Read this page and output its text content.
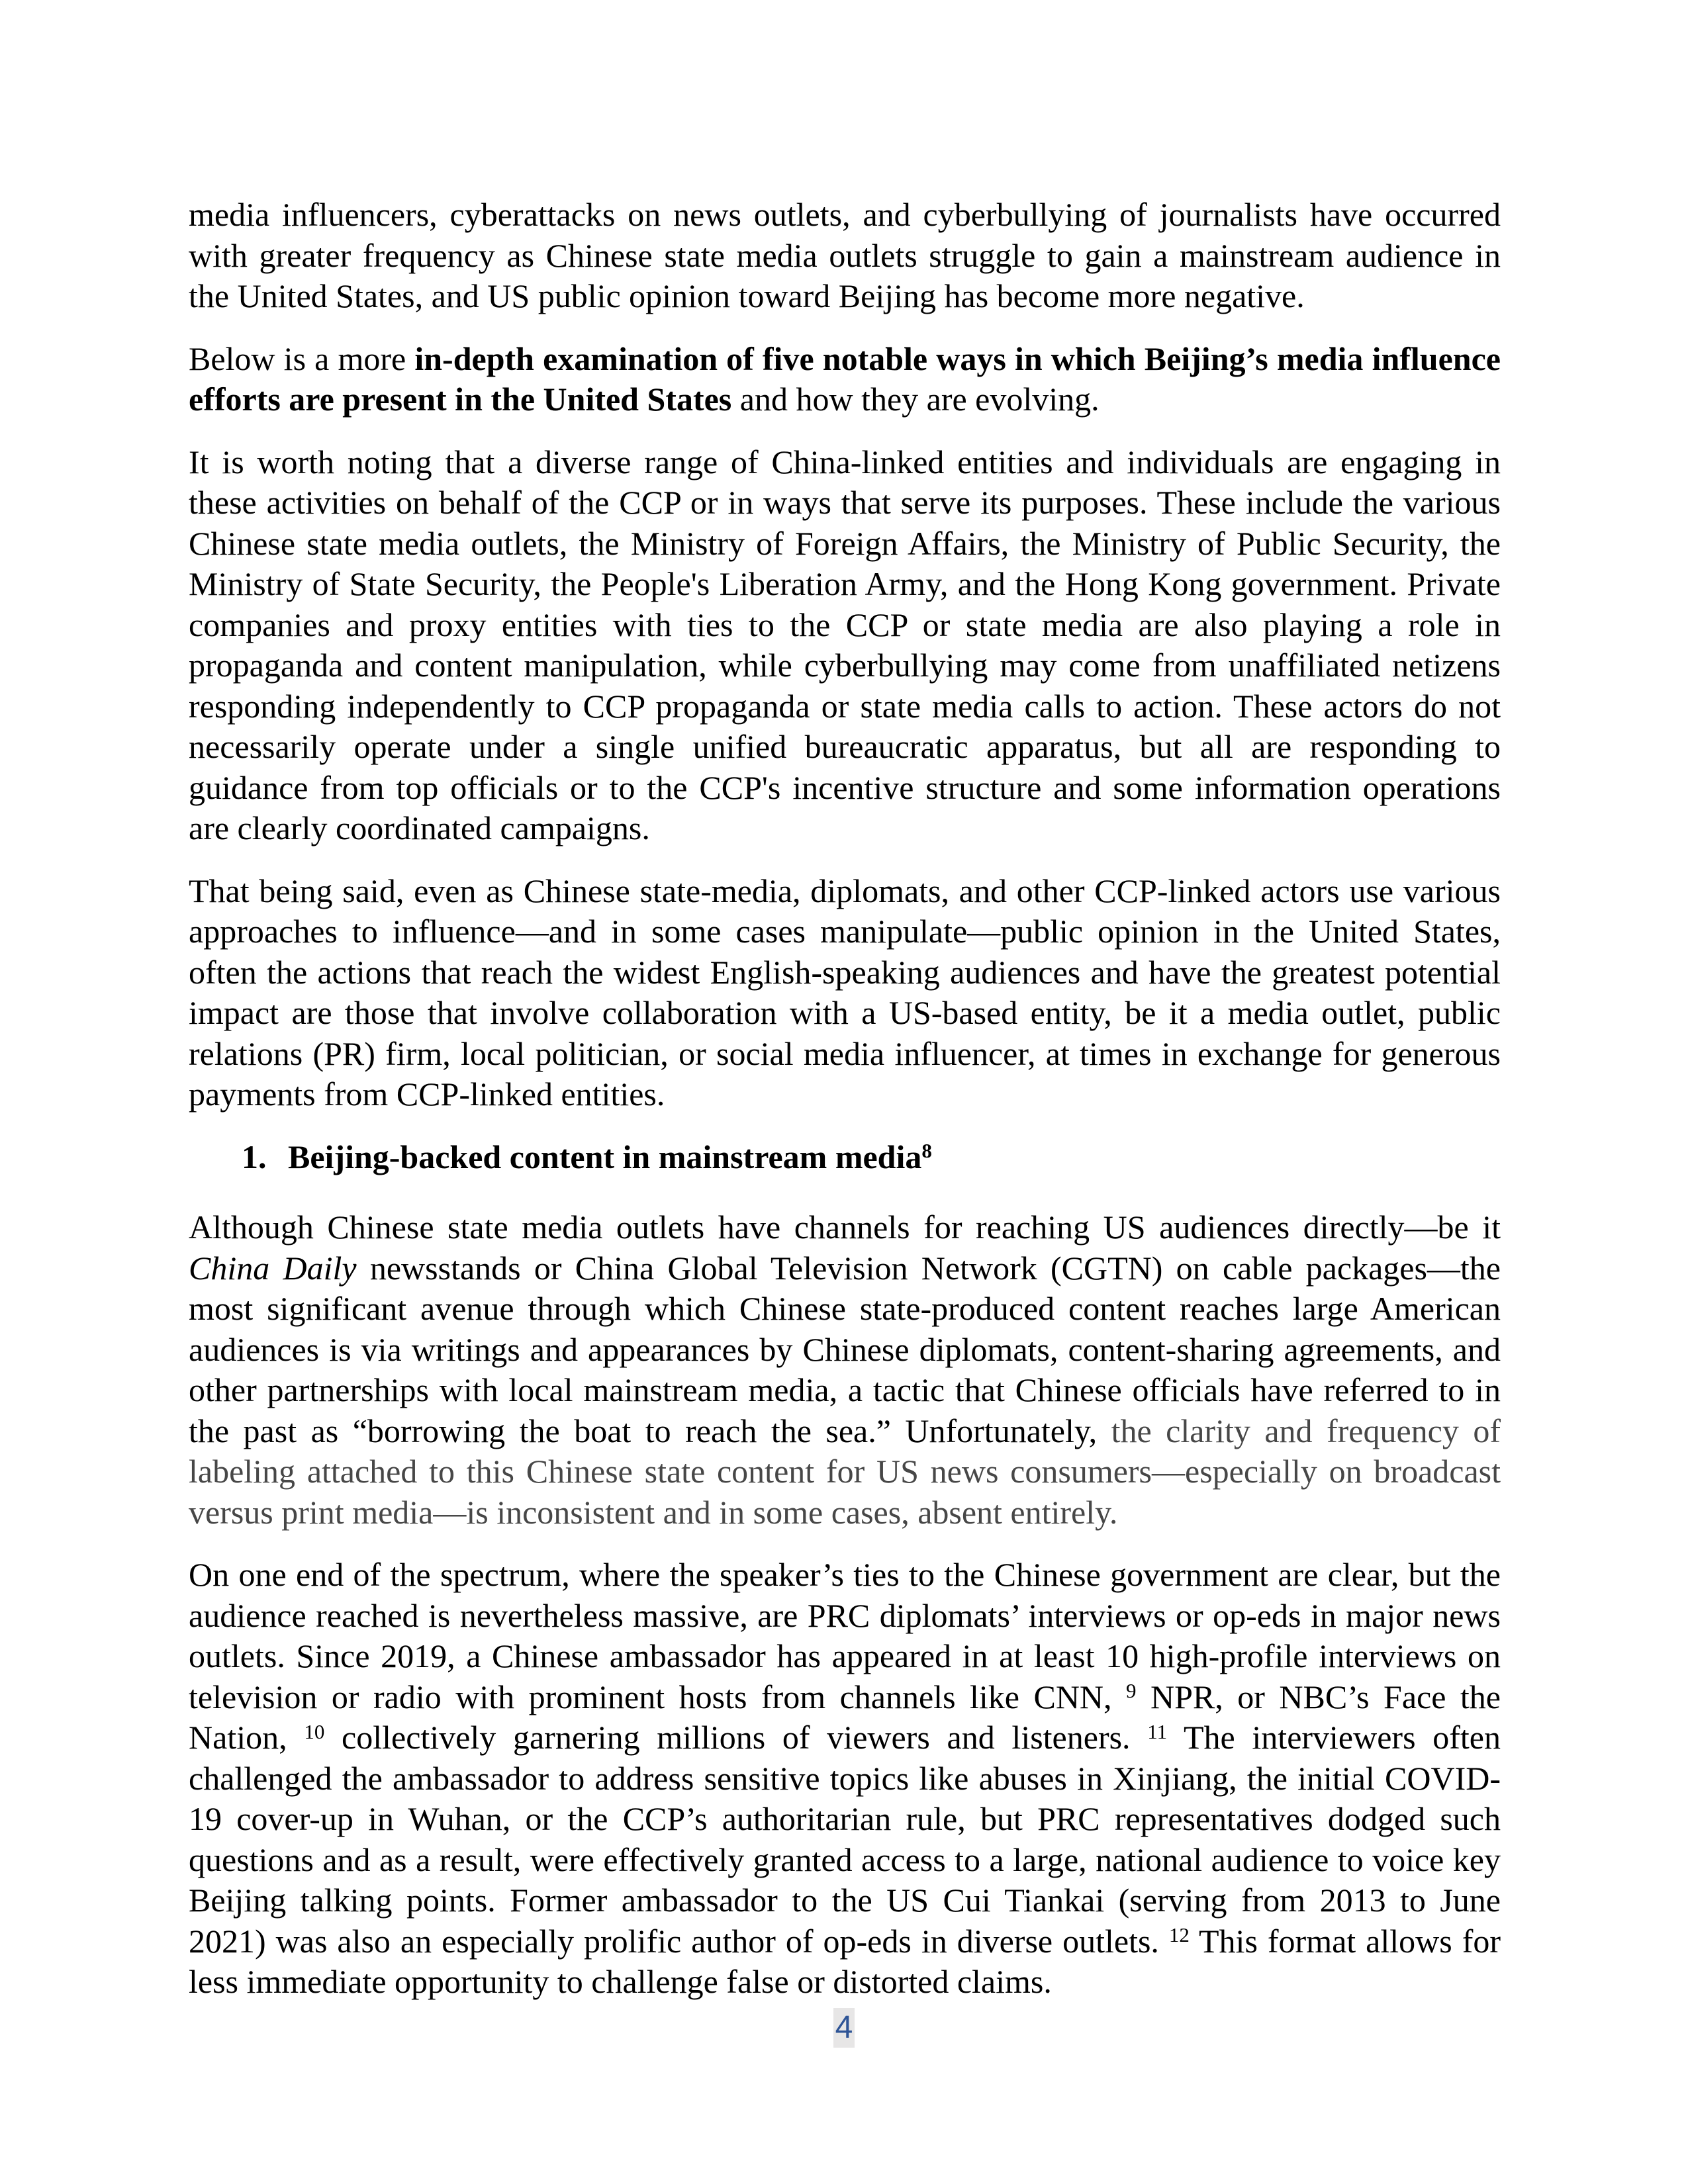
media influencers, cyberattacks on news outlets, and cyberbullying of journalists have occurred with greater frequency as Chinese state media outlets struggle to gain a mainstream audience in the United States, and US public opinion toward Beijing has become more negative.

Below is a more in-depth examination of five notable ways in which Beijing’s media influence efforts are present in the United States and how they are evolving.

It is worth noting that a diverse range of China-linked entities and individuals are engaging in these activities on behalf of the CCP or in ways that serve its purposes. These include the various Chinese state media outlets, the Ministry of Foreign Affairs, the Ministry of Public Security, the Ministry of State Security, the People's Liberation Army, and the Hong Kong government. Private companies and proxy entities with ties to the CCP or state media are also playing a role in propaganda and content manipulation, while cyberbullying may come from unaffiliated netizens responding independently to CCP propaganda or state media calls to action. These actors do not necessarily operate under a single unified bureaucratic apparatus, but all are responding to guidance from top officials or to the CCP's incentive structure and some information operations are clearly coordinated campaigns.

That being said, even as Chinese state-media, diplomats, and other CCP-linked actors use various approaches to influence—and in some cases manipulate—public opinion in the United States, often the actions that reach the widest English-speaking audiences and have the greatest potential impact are those that involve collaboration with a US-based entity, be it a media outlet, public relations (PR) firm, local politician, or social media influencer, at times in exchange for generous payments from CCP-linked entities.

1. Beijing-backed content in mainstream media$^8$

Although Chinese state media outlets have channels for reaching US audiences directly—be it China Daily newsstands or China Global Television Network (CGTN) on cable packages—the most significant avenue through which Chinese state-produced content reaches large American audiences is via writings and appearances by Chinese diplomats, content-sharing agreements, and other partnerships with local mainstream media, a tactic that Chinese officials have referred to in the past as “borrowing the boat to reach the sea.” Unfortunately, the clarity and frequency of labeling attached to this Chinese state content for US news consumers—especially on broadcast versus print media—is inconsistent and in some cases, absent entirely.

On one end of the spectrum, where the speaker’s ties to the Chinese government are clear, but the audience reached is nevertheless massive, are PRC diplomats’ interviews or op-eds in major news outlets. Since 2019, a Chinese ambassador has appeared in at least 10 high-profile interviews on television or radio with prominent hosts from channels like CNN, $^9$ NPR, or NBC’s Face the Nation, $^{10}$ collectively garnering millions of viewers and listeners. $^{11}$ The interviewers often challenged the ambassador to address sensitive topics like abuses in Xinjiang, the initial COVID-19 cover-up in Wuhan, or the CCP’s authoritarian rule, but PRC representatives dodged such questions and as a result, were effectively granted access to a large, national audience to voice key Beijing talking points. Former ambassador to the US Cui Tiankai (serving from 2013 to June 2021) was also an especially prolific author of op-eds in diverse outlets. $^{12}$ This format allows for less immediate opportunity to challenge false or distorted claims.

4
